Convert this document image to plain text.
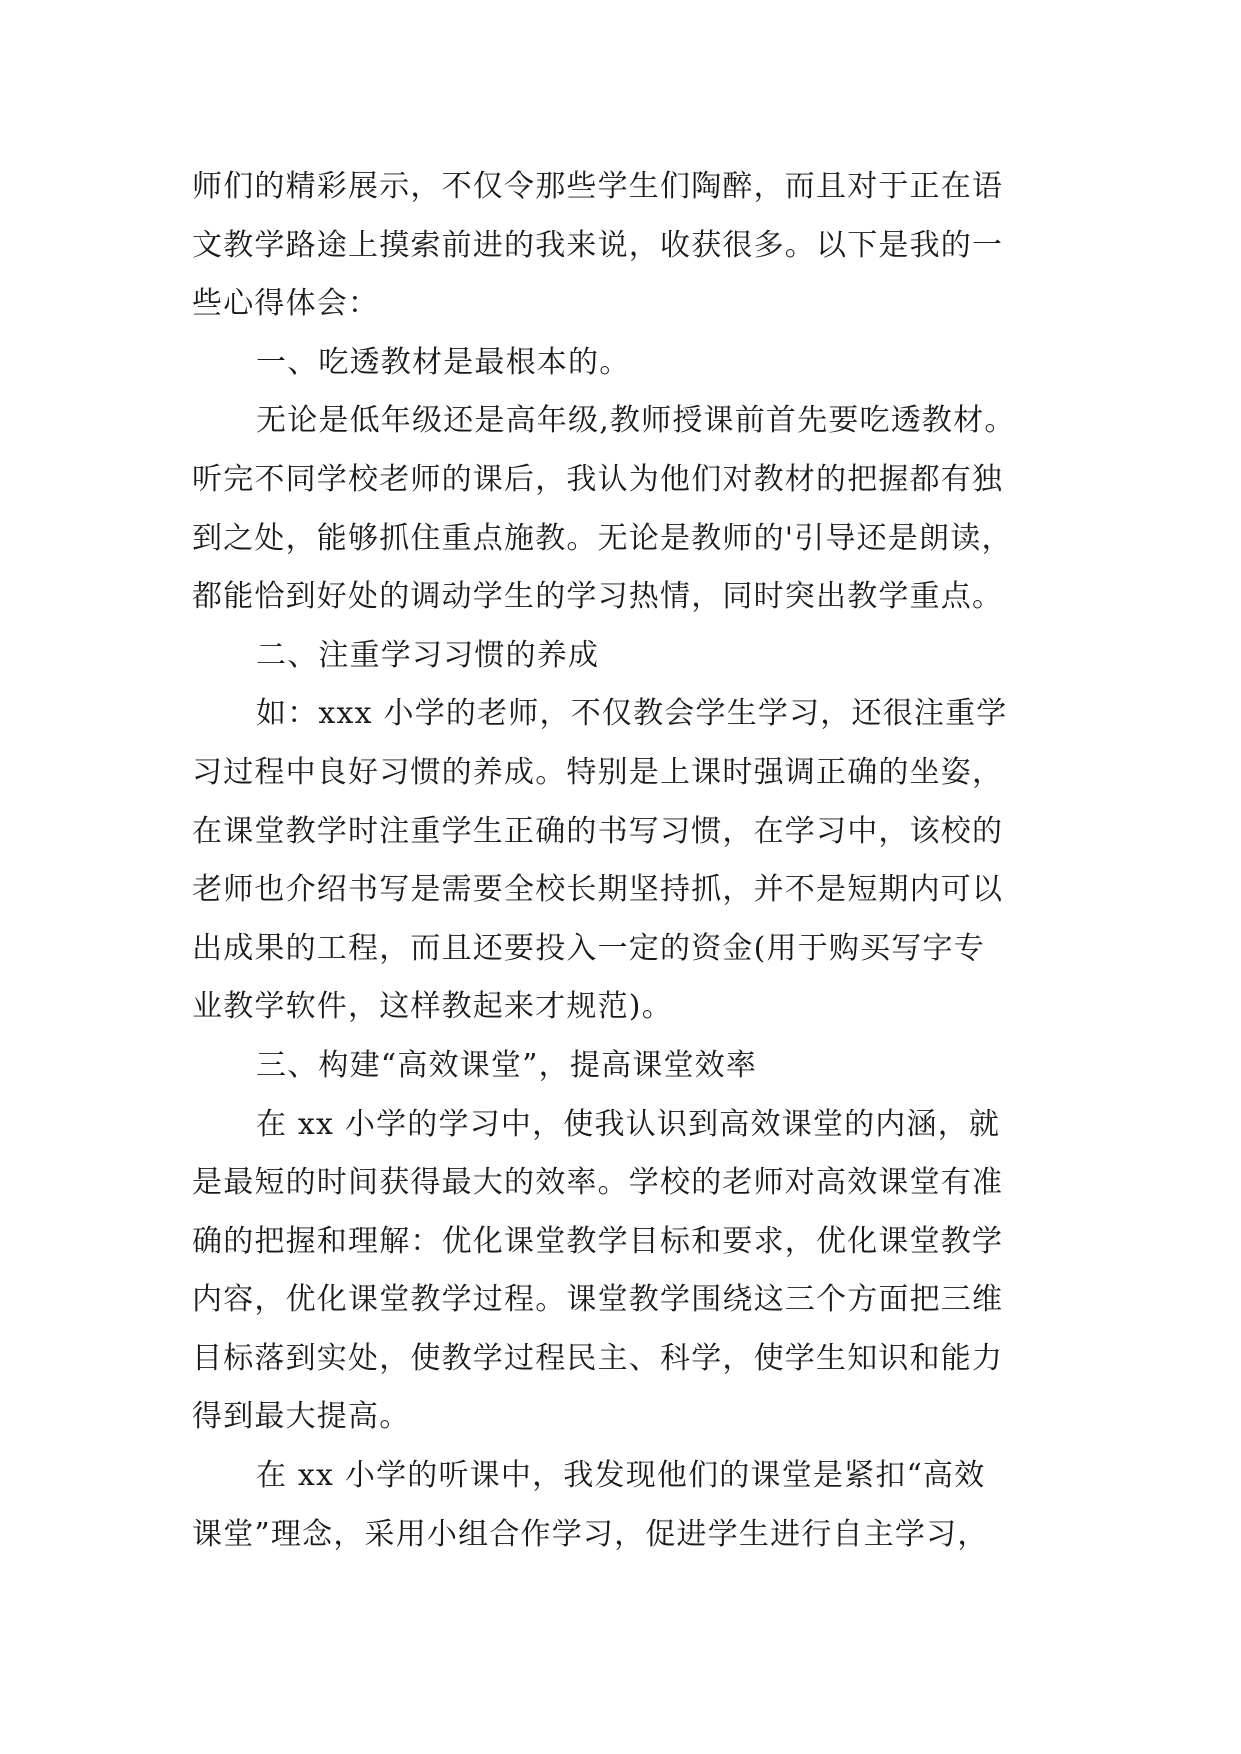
师们的精彩展示，不仅令那些学生们陶醉，而且对于正在语
文教学路途上摸索前进的我来说，收获很多。以下是我的一
些心得体会：
一、吃透教材是最根本的。
无论是低年级还是高年级,教师授课前首先要吃透教材。
听完不同学校老师的课后，我认为他们对教材的把握都有独
到之处，能够抓住重点施教。无论是教师的'引导还是朗读，
都能恰到好处的调动学生的学习热情，同时突出教学重点。
二、注重学习习惯的养成
如：xxx 小学的老师，不仅教会学生学习，还很注重学
习过程中良好习惯的养成。特别是上课时强调正确的坐姿，
在课堂教学时注重学生正确的书写习惯，在学习中，该校的
老师也介绍书写是需要全校长期坚持抓，并不是短期内可以
出成果的工程，而且还要投入一定的资金(用于购买写字专
业教学软件，这样教起来才规范)。
三、构建“高效课堂”，提高课堂效率
在 xx 小学的学习中，使我认识到高效课堂的内涵，就
是最短的时间获得最大的效率。学校的老师对高效课堂有准
确的把握和理解：优化课堂教学目标和要求，优化课堂教学
内容，优化课堂教学过程。课堂教学围绕这三个方面把三维
目标落到实处，使教学过程民主、科学，使学生知识和能力
得到最大提高。
在 xx 小学的听课中，我发现他们的课堂是紧扣“高效
课堂”理念，采用小组合作学习，促进学生进行自主学习，
